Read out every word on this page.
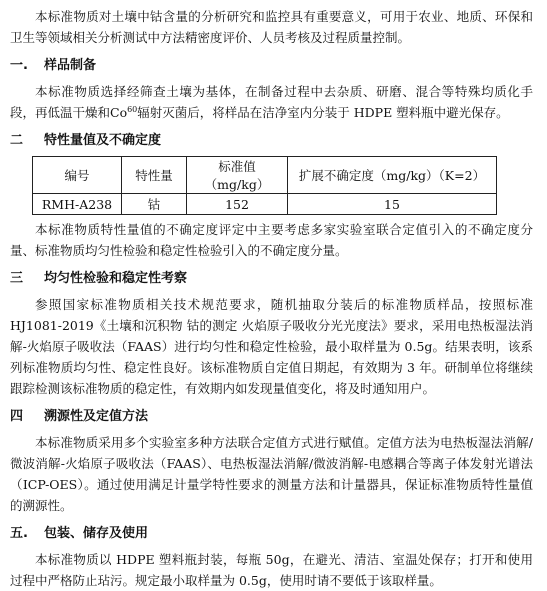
本标准物质对土壤中钴含量的分析研究和监控具有重要意义，可用于农业、地质、环保和卫生等领域相关分析测试中方法精密度评价、人员考核及过程质量控制。

一. 样品制备

本标准物质选择经筛查土壤为基体，在制备过程中去杂质、研磨、混合等特殊均质化手段，再低温干燥和Co$^{60}$辐射灭菌后，将样品在洁净室内分装于 HDPE 塑料瓶中避光保存。

二 特性量值及不确定度
编号	特性量	标准值（mg/kg）	扩展不确定度（mg/kg）（K=2）
RMH-A238	钴	152	15

本标准物质特性量值的不确定度评定中主要考虑多家实验室联合定值引入的不确定度分量、标准物质均匀性检验和稳定性检验引入的不确定度分量。

三 均匀性检验和稳定性考察

参照国家标准物质相关技术规范要求，随机抽取分装后的标准物质样品，按照标准HJ1081-2019《土壤和沉积物 钴的测定 火焰原子吸收分光光度法》要求，采用电热板湿法消解-火焰原子吸收法（FAAS）进行均匀性和稳定性检验，最小取样量为 0.5g。结果表明，该系列标准物质均匀性、稳定性良好。该标准物质自定值日期起，有效期为 3 年。研制单位将继续跟踪检测该标准物质的稳定性，有效期内如发现量值变化，将及时通知用户。

四 溯源性及定值方法

本标准物质采用多个实验室多种方法联合定值方式进行赋值。定值方法为电热板湿法消解/微波消解-火焰原子吸收法（FAAS）、电热板湿法消解/微波消解-电感耦合等离子体发射光谱法（ICP-OES）。通过使用满足计量学特性要求的测量方法和计量器具，保证标准物质特性量值的溯源性。

五. 包装、储存及使用

本标准物质以 HDPE 塑料瓶封装，每瓶 50g，在避光、清洁、室温处保存；打开和使用过程中严格防止玷污。规定最小取样量为 0.5g，使用时请不要低于该取样量。
